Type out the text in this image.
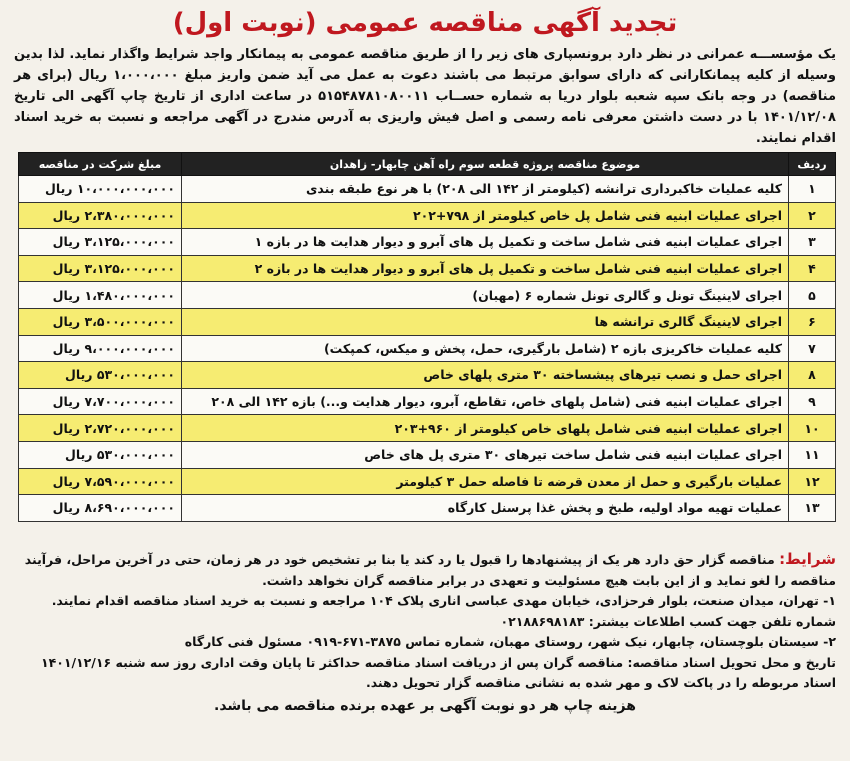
تجدید آگهی مناقصه عمومی (نوبت اول)
یک مؤسســـه عمرانی در نظر دارد برونسپاری های زیر را از طریق مناقصه عمومی به پیمانکار واجد شرایط واگذار نماید. لذا بدین وسیله از کلیه پیمانکارانی که دارای سوابق مرتبط می باشند دعوت به عمل می آید ضمن واریز مبلغ ۱،۰۰۰،۰۰۰ ریال (برای هر مناقصه) در وجه بانک سپه شعبه بلوار دریا به شماره حســاب ۵۱۵۴۸۷۸۱۰۸۰۰۱۱ در ساعت اداری از تاریخ چاپ آگهی الی تاریخ ۱۴۰۱/۱۲/۰۸ با در دست داشتن معرفی نامه رسمی و اصل فیش واریزی به آدرس مندرج در آگهی مراجعه و نسبت به خرید اسناد اقدام نمایند.
ردیف	موضوع مناقصه پروژه قطعه سوم راه آهن چابهار- زاهدان	مبلغ شرکت در مناقصه
۱	کلیه عملیات خاکبرداری ترانشه (کیلومتر از ۱۴۲ الی ۲۰۸) با هر نوع طبقه بندی	۱۰،۰۰۰،۰۰۰،۰۰۰ ریال
۲	اجرای عملیات ابنیه فنی شامل پل خاص کیلومتر از ۷۹۸+۲۰۲	۲،۳۸۰،۰۰۰،۰۰۰ ریال
۳	اجرای عملیات ابنیه فنی شامل ساخت و تکمیل پل های آبرو و دیوار هدایت ها در بازه ۱	۳،۱۲۵،۰۰۰،۰۰۰ ریال
۴	اجرای عملیات ابنیه فنی شامل ساخت و تکمیل پل های آبرو و دیوار هدایت ها در بازه ۲	۳،۱۲۵،۰۰۰،۰۰۰ ریال
۵	اجرای لاینینگ تونل و گالری تونل شماره ۶ (مهبان)	۱،۴۸۰،۰۰۰،۰۰۰ ریال
۶	اجرای لاینینگ گالری ترانشه ها	۳،۵۰۰،۰۰۰،۰۰۰ ریال
۷	کلیه عملیات خاکریزی بازه ۲ (شامل بارگیری، حمل، پخش و میکس، کمپکت)	۹،۰۰۰،۰۰۰،۰۰۰ ریال
۸	اجرای حمل و نصب تیرهای پیشساخته ۳۰ متری پلهای خاص	۵۳۰،۰۰۰،۰۰۰ ریال
۹	اجرای عملیات ابنیه فنی (شامل پلهای خاص، تقاطع، آبرو، دیوار هدایت و...) بازه ۱۴۲ الی ۲۰۸	۷،۷۰۰،۰۰۰،۰۰۰ ریال
۱۰	اجرای عملیات ابنیه فنی شامل پلهای خاص کیلومتر از ۹۶۰+۲۰۳	۲،۷۲۰،۰۰۰،۰۰۰ ریال
۱۱	اجرای عملیات ابنیه فنی شامل ساخت تیرهای ۳۰ متری پل های خاص	۵۳۰،۰۰۰،۰۰۰ ریال
۱۲	عملیات بارگیری و حمل از معدن قرضه تا فاصله حمل ۳ کیلومتر	۷،۵۹۰،۰۰۰،۰۰۰ ریال
۱۳	عملیات تهیه مواد اولیه، طبخ و پخش غذا پرسنل کارگاه	۸،۶۹۰،۰۰۰،۰۰۰ ریال

شرایط: مناقصه گزار حق دارد هر یک از پیشنهادها را قبول یا رد کند یا بنا بر تشخیص خود در هر زمان، حتی در آخرین مراحل، فرآیند مناقصه را لغو نماید و از این بابت هیچ مسئولیت و تعهدی در برابر مناقصه گران نخواهد داشت.

۱- تهران، میدان صنعت، بلوار فرحزادی، خیابان مهدی عباسی اناری پلاک ۱۰۴ مراجعه و نسبت به خرید اسناد مناقصه اقدام نمایند. شماره تلفن جهت کسب اطلاعات بیشتر: ۰۲۱۸۸۶۹۸۱۸۳

۲- سیستان بلوچستان، چابهار، نیک شهر، روستای مهبان، شماره تماس ۳۸۷۵-۶۷۱-۰۹۱۹ مسئول فنی کارگاه

تاریخ و محل تحویل اسناد مناقصه: مناقصه گران پس از دریافت اسناد مناقصه حداکثر تا پایان وقت اداری روز سه شنبه ۱۴۰۱/۱۲/۱۶ اسناد مربوطه را در پاکت لاک و مهر شده به نشانی مناقصه گزار تحویل دهند.

هزینه چاپ هر دو نوبت آگهی بر عهده برنده مناقصه می باشد.
